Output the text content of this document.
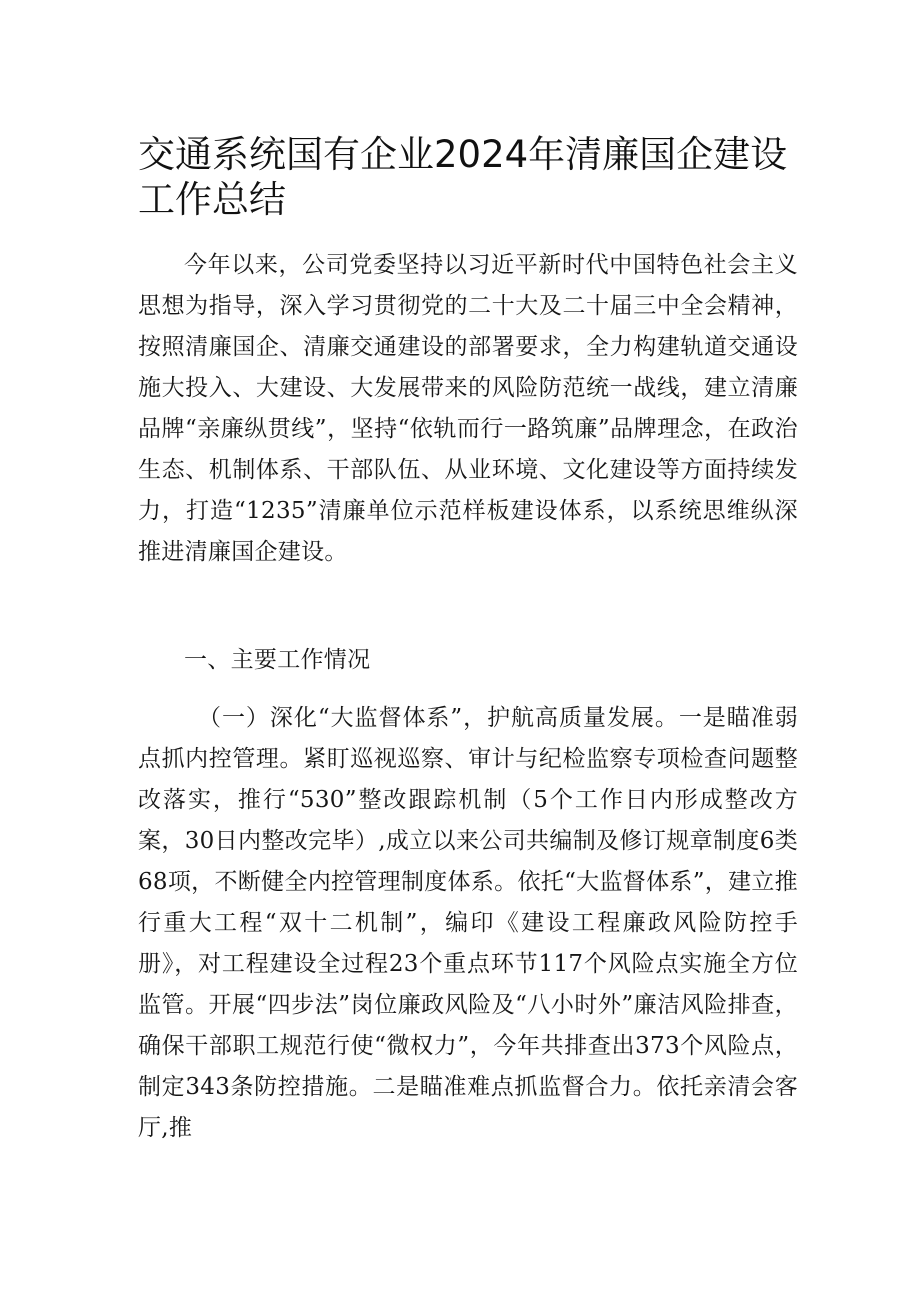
交通系统国有企业2024年清廉国企建设工作总结

今年以来，公司党委坚持以习近平新时代中国特色社会主义思想为指导，深入学习贯彻党的二十大及二十届三中全会精神，按照清廉国企、清廉交通建设的部署要求，全力构建轨道交通设施大投入、大建设、大发展带来的风险防范统一战线，建立清廉品牌“亲廉纵贯线”，坚持“依轨而行一路筑廉”品牌理念，在政治生态、机制体系、干部队伍、从业环境、文化建设等方面持续发力，打造“1235”清廉单位示范样板建设体系，以系统思维纵深推进清廉国企建设。

一、主要工作情况

（一）深化“大监督体系”，护航高质量发展。一是瞄准弱点抓内控管理。紧盯巡视巡察、审计与纪检监察专项检查问题整改落实，推行“530”整改跟踪机制（5个工作日内形成整改方案，30日内整改完毕）,成立以来公司共编制及修订规章制度6类68项，不断健全内控管理制度体系。依托“大监督体系”，建立推行重大工程“双十二机制”，编印《建设工程廉政风险防控手册》，对工程建设全过程23个重点环节117个风险点实施全方位监管。开展“四步法”岗位廉政风险及“八小时外”廉洁风险排查，确保干部职工规范行使“微权力”，今年共排查出373个风险点，制定343条防控措施。二是瞄准难点抓监督合力。依托亲清会客厅,推
